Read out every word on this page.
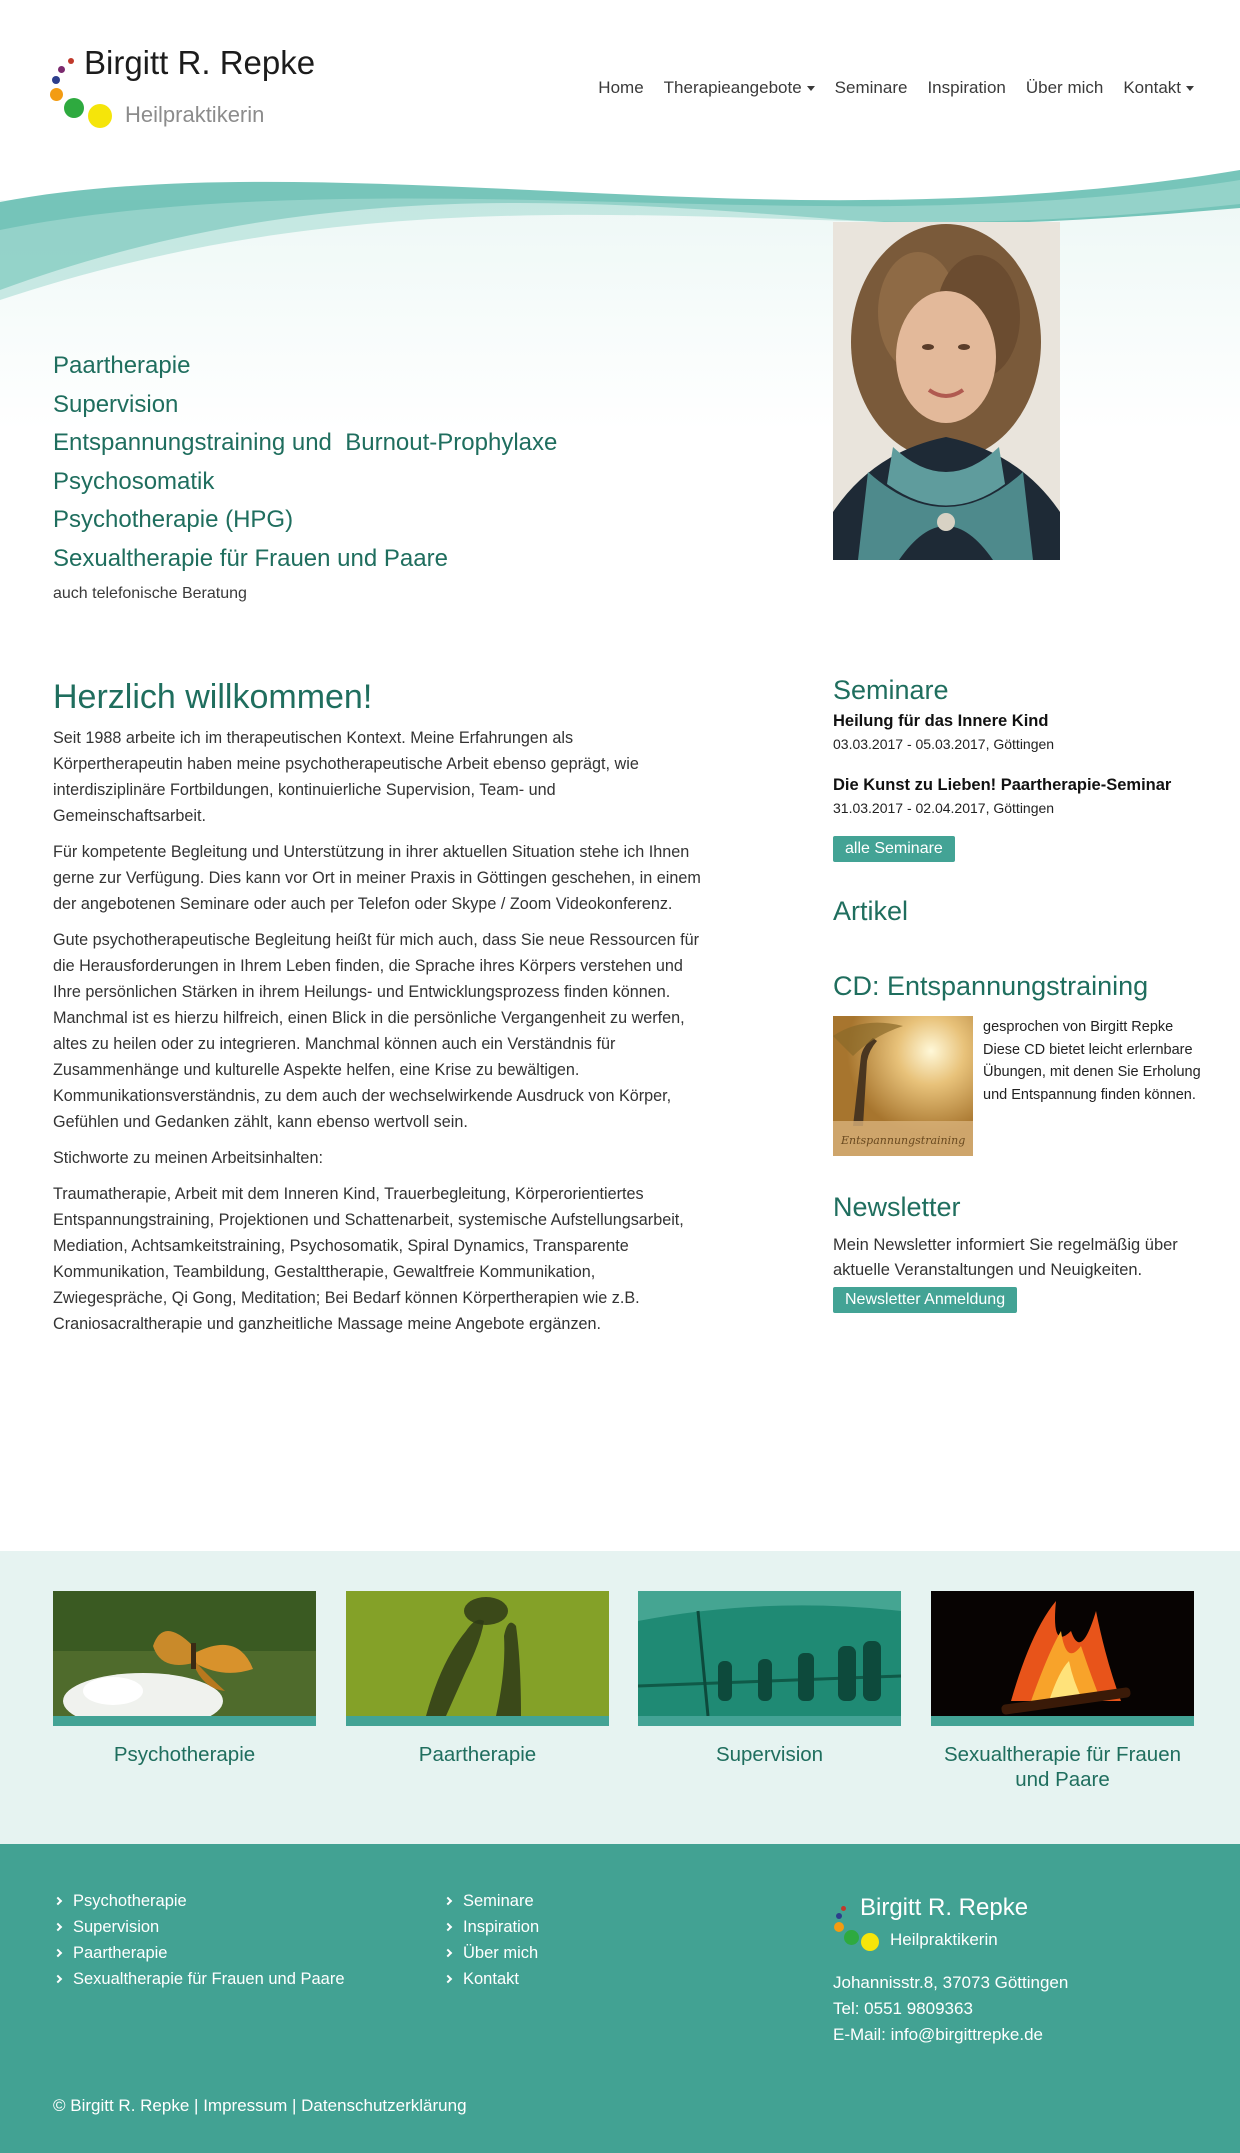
Birgitt R. Repke
Heilpraktikerin
Home Therapieangebote Seminare Inspiration Über mich Kontakt
Paartherapie
Supervision
Entspannungstraining und  Burnout-Prophylaxe
Psychosomatik
Psychotherapie (HPG)
Sexualtherapie für Frauen und Paare
auch telefonische Beratung
Herzlich willkommen!

Seit 1988 arbeite ich im therapeutischen Kontext. Meine Erfahrungen als Körpertherapeutin haben meine psychotherapeutische Arbeit ebenso geprägt, wie interdisziplinäre Fortbildungen, kontinuierliche Supervision, Team- und Gemeinschaftsarbeit.

Für kompetente Begleitung und Unterstützung in ihrer aktuellen Situation stehe ich Ihnen gerne zur Verfügung. Dies kann vor Ort in meiner Praxis in Göttingen geschehen, in einem der angebotenen Seminare oder auch per Telefon oder Skype / Zoom Videokonferenz.

Gute psychotherapeutische Begleitung heißt für mich auch, dass Sie neue Ressourcen für die Herausforderungen in Ihrem Leben finden, die Sprache ihres Körpers verstehen und Ihre persönlichen Stärken in ihrem Heilungs- und Entwicklungsprozess finden können. Manchmal ist es hierzu hilfreich, einen Blick in die persönliche Vergangenheit zu werfen, altes zu heilen oder zu integrieren. Manchmal können auch ein Verständnis für Zusammenhänge und kulturelle Aspekte helfen, eine Krise zu bewältigen. Kommunikationsverständnis, zu dem auch der wechselwirkende Ausdruck von Körper, Gefühlen und Gedanken zählt, kann ebenso wertvoll sein.

Stichworte zu meinen Arbeitsinhalten:

Traumatherapie, Arbeit mit dem Inneren Kind, Trauerbegleitung, Körperorientiertes Entspannungstraining, Projektionen und Schattenarbeit, systemische Aufstellungsarbeit, Mediation, Achtsamkeitstraining, Psychosomatik, Spiral Dynamics, Transparente Kommunikation, Teambildung, Gestalttherapie, Gewaltfreie Kommunikation, Zwiegespräche, Qi Gong, Meditation; Bei Bedarf können Körpertherapien wie z.B. Craniosacraltherapie und ganzheitliche Massage meine Angebote ergänzen.

Seminare
Heilung für das Innere Kind
03.03.2017 - 05.03.2017, Göttingen
Die Kunst zu Lieben! Paartherapie-Seminar
31.03.2017 - 02.04.2017, Göttingen
alle Seminare
Artikel
CD: Entspannungstraining
Entspannungstraining
gesprochen von Birgitt Repke Diese CD bietet leicht erlernbare Übungen, mit denen Sie Erholung und Entspannung finden können.
Newsletter
Mein Newsletter informiert Sie regelmäßig über aktuelle Veranstaltungen und Neuigkeiten.
Newsletter Anmeldung
Psychotherapie	Paartherapie	Supervision	Sexualtherapie für Frauen und Paare
Psychotherapie
Supervision
Paartherapie
Sexualtherapie für Frauen und Paare
Seminare
Inspiration
Über mich
Kontakt
Birgitt R. Repke
Heilpraktikerin
Johannisstr.8, 37073 Göttingen
Tel: 0551 9809363
E-Mail: info@birgittrepke.de
© Birgitt R. Repke | Impressum | Datenschutzerklärung
